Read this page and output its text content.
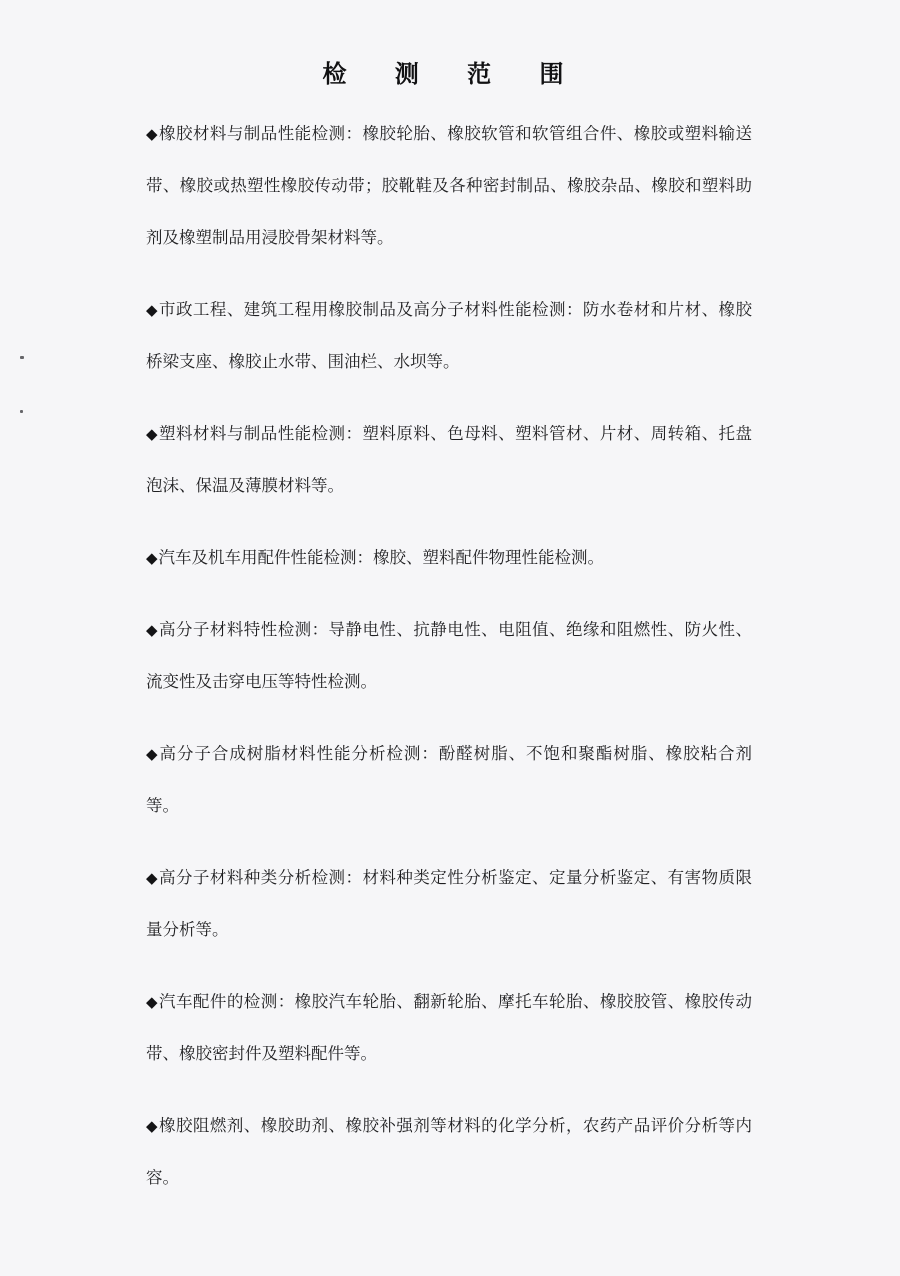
检 测 范 围
◆橡胶材料与制品性能检测：橡胶轮胎、橡胶软管和软管组合件、橡胶或塑料输送带、橡胶或热塑性橡胶传动带；胶靴鞋及各种密封制品、橡胶杂品、橡胶和塑料助剂及橡塑制品用浸胶骨架材料等。
◆市政工程、建筑工程用橡胶制品及高分子材料性能检测：防水卷材和片材、橡胶桥梁支座、橡胶止水带、围油栏、水坝等。
◆塑料材料与制品性能检测：塑料原料、色母料、塑料管材、片材、周转箱、托盘泡沫、保温及薄膜材料等。
◆汽车及机车用配件性能检测：橡胶、塑料配件物理性能检测。
◆高分子材料特性检测：导静电性、抗静电性、电阻值、绝缘和阻燃性、防火性、流变性及击穿电压等特性检测。
◆高分子合成树脂材料性能分析检测：酚醛树脂、不饱和聚酯树脂、橡胶粘合剂等。
◆高分子材料种类分析检测：材料种类定性分析鉴定、定量分析鉴定、有害物质限量分析等。
◆汽车配件的检测：橡胶汽车轮胎、翻新轮胎、摩托车轮胎、橡胶胶管、橡胶传动带、橡胶密封件及塑料配件等。
◆橡胶阻燃剂、橡胶助剂、橡胶补强剂等材料的化学分析，农药产品评价分析等内容。
